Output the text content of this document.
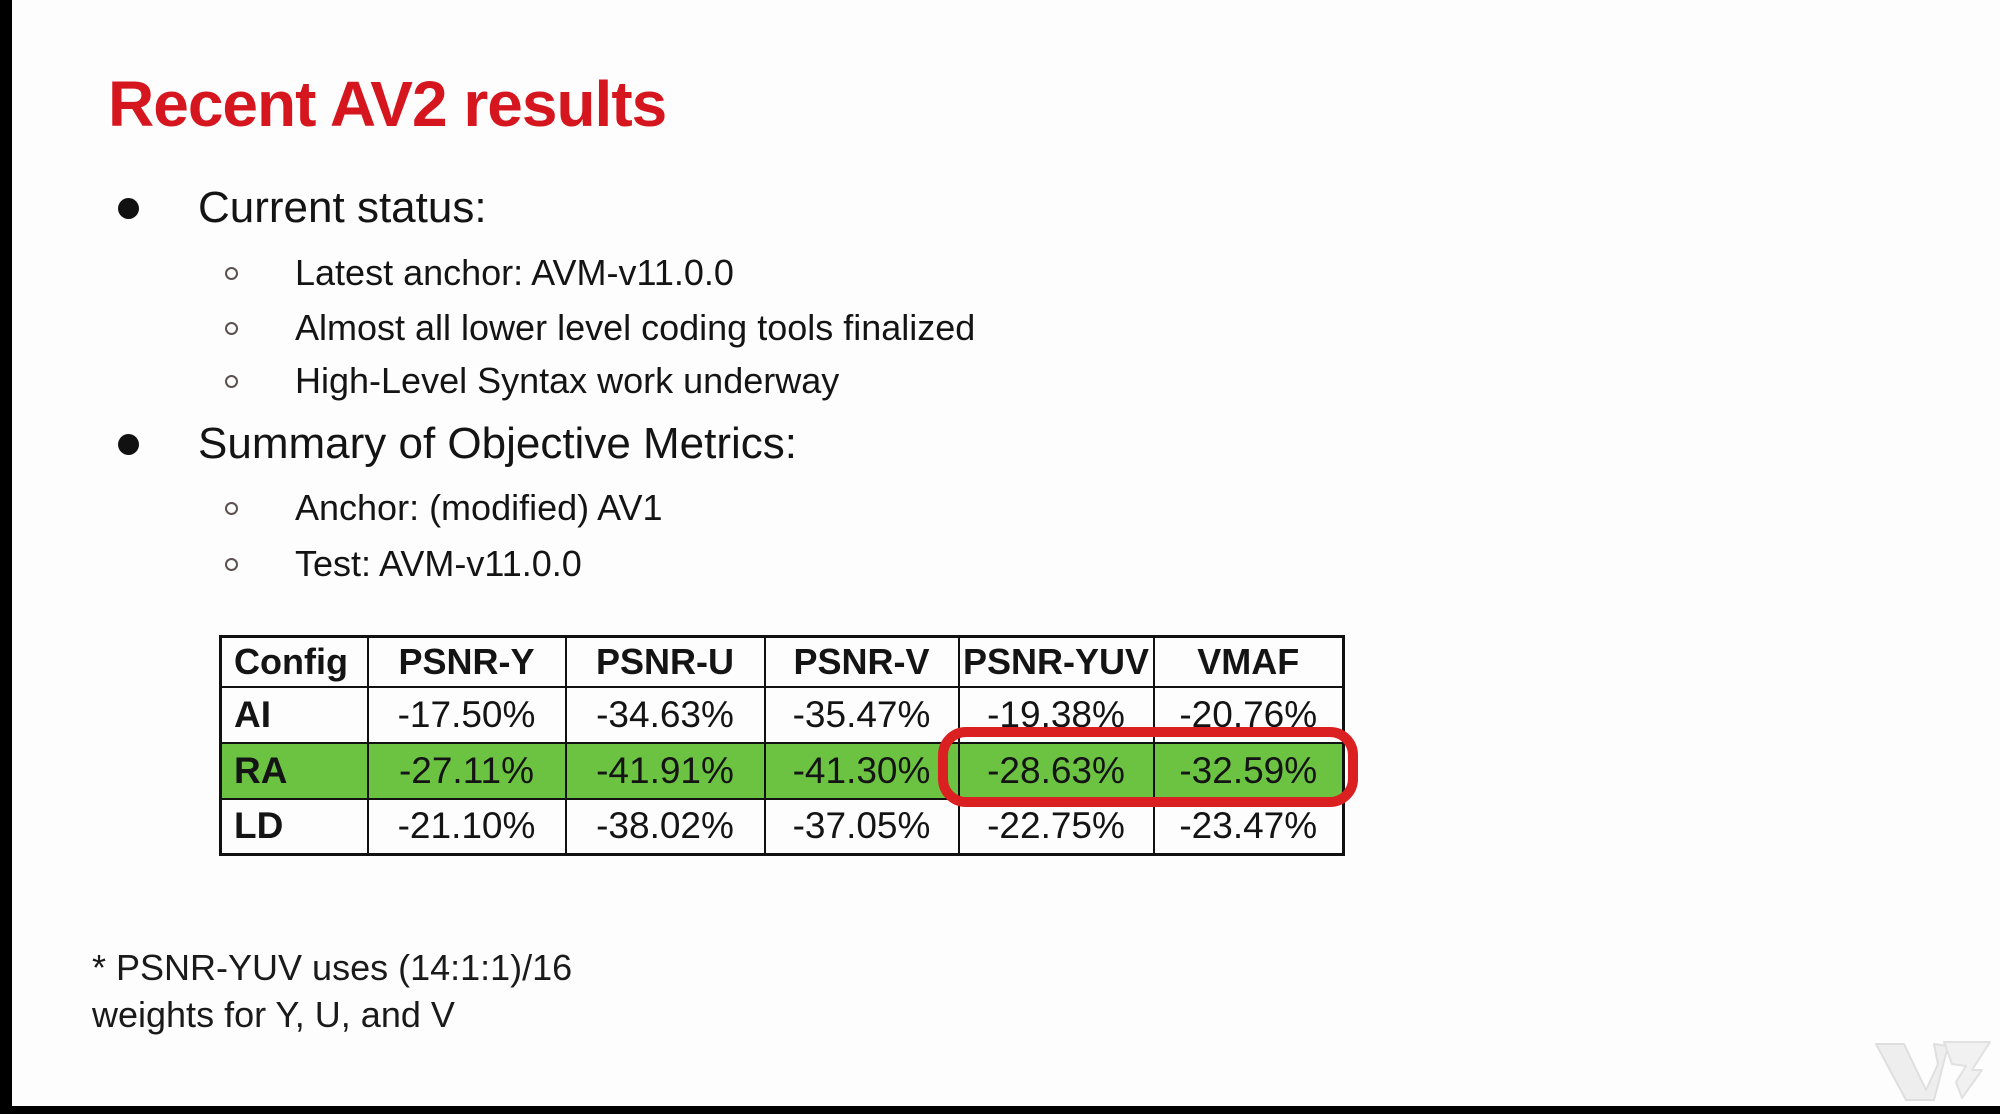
Recent AV2 results
Current status:
Latest anchor: AVM-v11.0.0
Almost all lower level coding tools finalized
High-Level Syntax work underway
Summary of Objective Metrics:
Anchor: (modified) AV1
Test: AVM-v11.0.0
Config	PSNR-Y	PSNR-U	PSNR-V	PSNR-YUV	VMAF
AI	-17.50%	-34.63%	-35.47%	-19.38%	-20.76%
RA	-27.11%	-41.91%	-41.30%	-28.63%	-32.59%
LD	-21.10%	-38.02%	-37.05%	-22.75%	-23.47%
* PSNR-YUV uses (14:1:1)/16
weights for Y, U, and V
